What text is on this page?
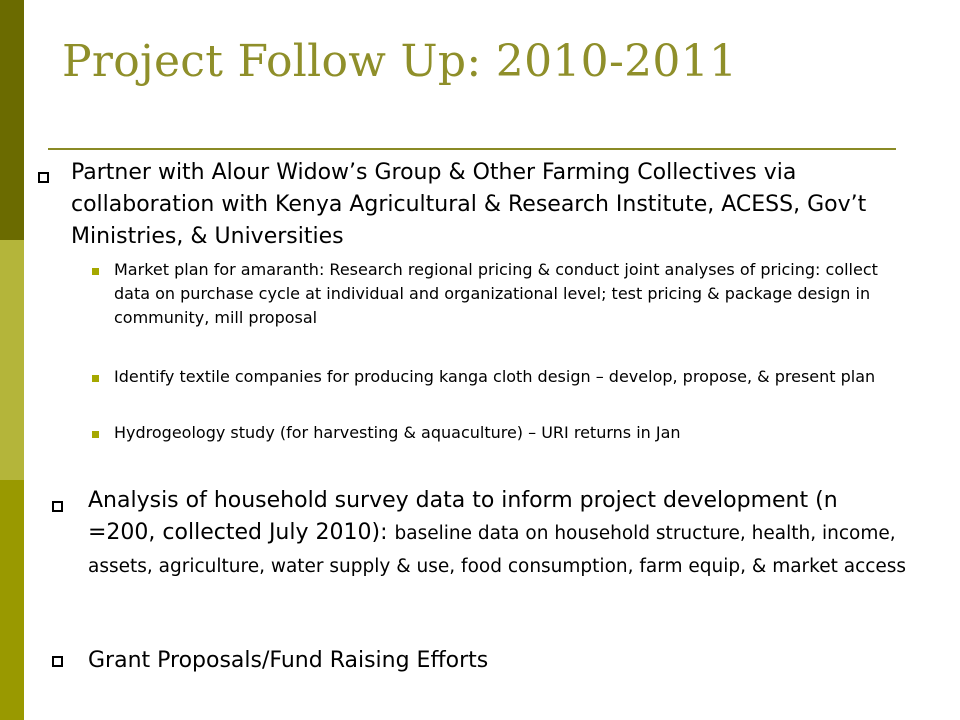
Project Follow Up: 2010-2011
Partner with Alour Widow’s Group & Other Farming Collectives via collaboration with Kenya Agricultural & Research Institute, ACESS, Gov’t Ministries, & Universities
Market plan for amaranth: Research regional pricing & conduct joint analyses of pricing: collect data on purchase cycle at individual and organizational level; test pricing & package design in community, mill proposal
Identify textile companies for producing kanga cloth design – develop, propose, & present plan
Hydrogeology study (for harvesting & aquaculture) – URI returns in Jan
Analysis of household survey data to inform project development (n =200, collected July 2010): baseline data on household structure, health, income, assets, agriculture, water supply & use, food consumption, farm equip, & market access
Grant Proposals/Fund Raising Efforts
